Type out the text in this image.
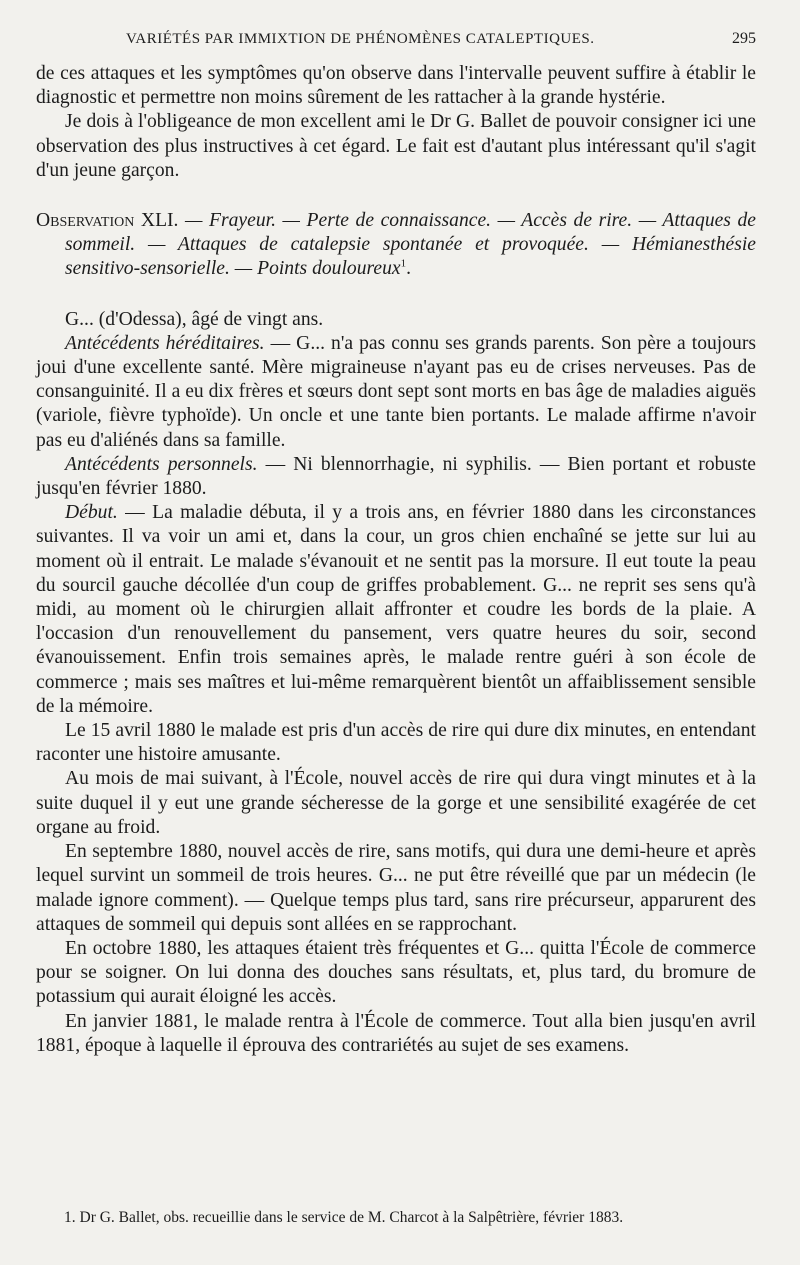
VARIÉTÉS PAR IMMIXTION DE PHÉNOMÈNES CATALEPTIQUES.	295

de ces attaques et les symptômes qu'on observe dans l'intervalle peuvent suffire à établir le diagnostic et permettre non moins sûrement de les rattacher à la grande hystérie.

Je dois à l'obligeance de mon excellent ami le Dr G. Ballet de pouvoir consigner ici une observation des plus instructives à cet égard. Le fait est d'autant plus intéressant qu'il s'agit d'un jeune garçon.

Observation XLI. — Frayeur. — Perte de connaissance. — Accès de rire. — Attaques de sommeil. — Attaques de catalepsie spontanée et provoquée. — Hémianesthésie sensitivo-sensorielle. — Points douloureux$^1$.

G... (d'Odessa), âgé de vingt ans.

Antécédents héréditaires. — G... n'a pas connu ses grands parents. Son père a toujours joui d'une excellente santé. Mère migraineuse n'ayant pas eu de crises nerveuses. Pas de consanguinité. Il a eu dix frères et sœurs dont sept sont morts en bas âge de maladies aiguës (variole, fièvre typhoïde). Un oncle et une tante bien portants. Le malade affirme n'avoir pas eu d'aliénés dans sa famille.

Antécédents personnels. — Ni blennorrhagie, ni syphilis. — Bien portant et robuste jusqu'en février 1880.

Début. — La maladie débuta, il y a trois ans, en février 1880 dans les circonstances suivantes. Il va voir un ami et, dans la cour, un gros chien enchaîné se jette sur lui au moment où il entrait. Le malade s'évanouit et ne sentit pas la morsure. Il eut toute la peau du sourcil gauche décollée d'un coup de griffes probablement. G... ne reprit ses sens qu'à midi, au moment où le chirurgien allait affronter et coudre les bords de la plaie. A l'occasion d'un renouvellement du pansement, vers quatre heures du soir, second évanouissement. Enfin trois semaines après, le malade rentre guéri à son école de commerce ; mais ses maîtres et lui-même remarquèrent bientôt un affaiblissement sensible de la mémoire.

Le 15 avril 1880 le malade est pris d'un accès de rire qui dure dix minutes, en entendant raconter une histoire amusante.

Au mois de mai suivant, à l'École, nouvel accès de rire qui dura vingt minutes et à la suite duquel il y eut une grande sécheresse de la gorge et une sensibilité exagérée de cet organe au froid.

En septembre 1880, nouvel accès de rire, sans motifs, qui dura une demi-heure et après lequel survint un sommeil de trois heures. G... ne put être réveillé que par un médecin (le malade ignore comment). — Quelque temps plus tard, sans rire précurseur, apparurent des attaques de sommeil qui depuis sont allées en se rapprochant.

En octobre 1880, les attaques étaient très fréquentes et G... quitta l'École de commerce pour se soigner. On lui donna des douches sans résultats, et, plus tard, du bromure de potassium qui aurait éloigné les accès.

En janvier 1881, le malade rentra à l'École de commerce. Tout alla bien jusqu'en avril 1881, époque à laquelle il éprouva des contrariétés au sujet de ses examens.

1. Dr G. Ballet, obs. recueillie dans le service de M. Charcot à la Salpêtrière, février 1883.
